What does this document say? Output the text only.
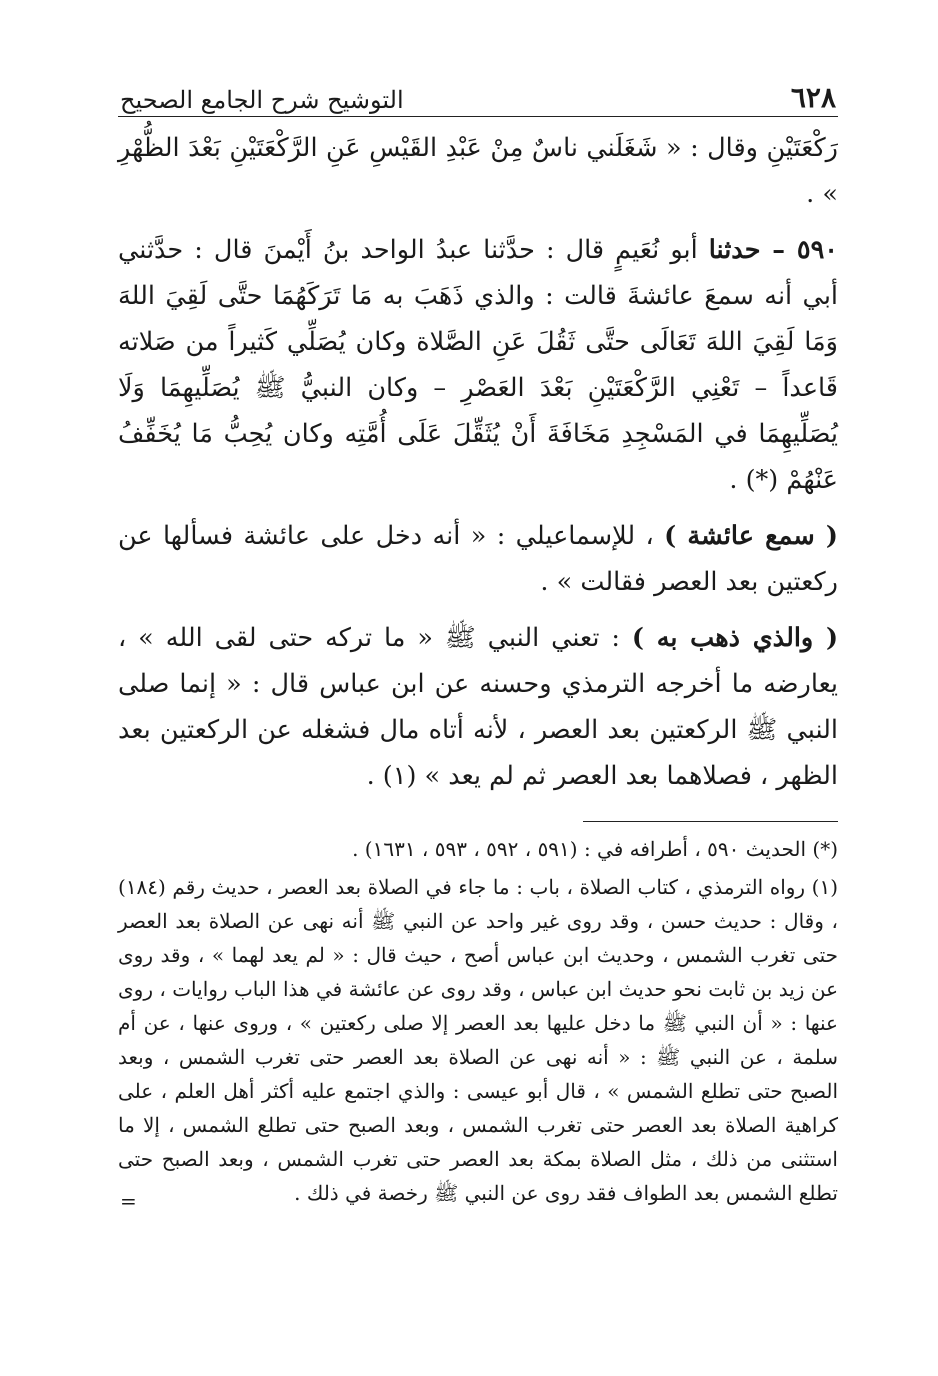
٦٢٨
التوشيح شرح الجامع الصحيح

رَكْعَتَيْنِ وقال : « شَغَلَني ناسٌ مِنْ عَبْدِ القَيْسِ عَنِ الرَّكْعَتَيْنِ بَعْدَ الظُّهْرِ » .

٥٩٠ – حدثنا أبو نُعَيمٍ قال : حدَّثنا عبدُ الواحد بنُ أَيْمنَ قال : حدَّثني أبي أنه سمعَ عائشةَ قالت : والذي ذَهَبَ به مَا تَرَكَهُمَا حتَّى لَقِيَ اللهَ وَمَا لَقِيَ اللهَ تَعَالَى حتَّى ثَقُلَ عَنِ الصَّلاة وكان يُصَلِّي كَثيراً من صَلاته قَاعداً – تَعْنِي الرَّكْعَتَيْنِ بَعْدَ العَصْرِ – وكان النبيُّ ﷺ يُصَلِّيهِمَا وَلَا يُصَلِّيهِمَا في المَسْجِدِ مَخَافَةَ أَنْ يُثَقِّلَ عَلَى أُمَّتِه وكان يُحِبُّ مَا يُخَفِّفُ عَنْهُمْ (*) .

( سمع عائشة ) ، للإسماعيلي : « أنه دخل على عائشة فسألها عن ركعتين بعد العصر فقالت » .

( والذي ذهب به ) : تعني النبي ﷺ « ما تركه حتى لقى الله » ، يعارضه ما أخرجه الترمذي وحسنه عن ابن عباس قال : « إنما صلى النبي ﷺ الركعتين بعد العصر ، لأنه أتاه مال فشغله عن الركعتين بعد الظهر ، فصلاهما بعد العصر ثم لم يعد » (١) .

(*) الحديث ٥٩٠ ، أطرافه في : (٥٩١ ، ٥٩٢ ، ٥٩٣ ، ١٦٣١) .

(١) رواه الترمذي ، كتاب الصلاة ، باب : ما جاء في الصلاة بعد العصر ، حديث رقم (١٨٤) ، وقال : حديث حسن ، وقد روى غير واحد عن النبي ﷺ أنه نهى عن الصلاة بعد العصر حتى تغرب الشمس ، وحديث ابن عباس أصح ، حيث قال : « لم يعد لهما » ، وقد روى عن زيد بن ثابت نحو حديث ابن عباس ، وقد روى عن عائشة في هذا الباب روايات ، روى عنها : « أن النبي ﷺ ما دخل عليها بعد العصر إلا صلى ركعتين » ، وروى عنها ، عن أم سلمة ، عن النبي ﷺ : « أنه نهى عن الصلاة بعد العصر حتى تغرب الشمس ، وبعد الصبح حتى تطلع الشمس » ، قال أبو عيسى : والذي اجتمع عليه أكثر أهل العلم ، على كراهية الصلاة بعد العصر حتى تغرب الشمس ، وبعد الصبح حتى تطلع الشمس ، إلا ما استثنى من ذلك ، مثل الصلاة بمكة بعد العصر حتى تغرب الشمس ، وبعد الصبح حتى تطلع الشمس بعد الطواف فقد روى عن النبي ﷺ رخصة في ذلك .

=
